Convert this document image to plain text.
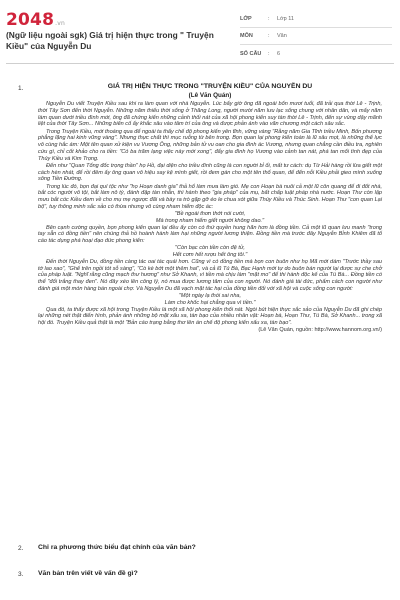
2048.vn
(Ngữ liệu ngoài sgk) Giá trị hiện thực trong " Truyện Kiều" của Nguyễn Du
LỚP	:	Lớp 11
MÔN	:	Văn
SỐ CÂU	:	6
1.	GIÁ TRỊ HIỆN THỰC TRONG "TRUYỆN KIỀU" CỦA NGUYỄN DU
(Lê Văn Quán)
Nguyễn Du viết Truyện Kiều sau khi ra làm quan với nhà Nguyễn. Lúc bấy giờ ông đã ngoài bốn mươi tuổi, đã trải qua thời Lê - Trịnh, thời Tây Sơn đến thời Nguyễn. Những năm thiếu thời sống ở Thăng Long, người mười năm lưu lạc sống chung với nhân dân, và mấy năm làm quan dưới triều đình mới, ông đã chứng kiến những cảnh thối nát của xã hội phong kiến suy tàn thời Lê - Trịnh, đến sự vùng dậy mãnh liệt của thời Tây Sơn... Những biến cố ấy khắc sâu vào tâm trí của ông và được phản ánh vào văn chương một cách sâu sắc.
Trong Truyện Kiều, mới thoáng qua để ngoài ta thấy chế độ phong kiến yên tĩnh, vững vàng "Rằng năm Gia Tĩnh triều Minh, Bốn phương phẳng lặng hai kinh vững vàng". Nhưng thực chất thì mục ruỗng từ bên trong. Bọn quan lại phong kiến toàn là lũ sâu mọt, là những thế lực vô cùng hắc ám: Một tên quan xử kiện vu Vương Ông, những bản tử vu oan cho gia đình ác Vương, nhưng quan chẳng cần điều tra, nghiên cứu gì, chỉ cốt khảo cho ra tiền: "Có ba trăm lạng việc này mới xong", đẩy gia đình họ Vương vào cảnh tan nát, phá tan mối tình đẹp của Thúy Kiều và Kim Trọng.
Đến như "Quan Tổng đốc trọng thần" họ Hồ, đại diện cho triều đình cũng là con người bỉ ổi, mất tư cách: dụ Từ Hải hàng rồi lừa giết một cách hèn nhát, để rồi đêm ấy ông quan vô hiệu say kệ mình giết, rồi đem gán cho một tên thổ quan, để đến nỗi Kiều phải gieo mình xuống sông Tiền Đường.
Trong lúc đó, bọn đại quí tộc như "họ Hoạn danh gia" thả hổ làm mưa làm gió. Mẹ con Hoạn bà nuôi cả một lũ côn quang để đi đốt nhà, bắt cóc người vô tội, bắt làm nô tỳ, đánh đập tàn nhẫn, thì hành theo "gia pháp" của mụ, bất chấp luật pháp nhà nước. Hoạn Thư còn lập mưu bắt cóc Kiều đem về cho mụ mẹ ngược đãi và bày ra trò gặp gỡ éo le chua xót giữa Thúy Kiều và Thúc Sinh. Hoạn Thư "con quan Lại bộ", tuy thông minh sắc sảo có thừa nhưng vô cùng nham hiểm độc ác:
"Bề ngoài thơn thớt nói cười,
Mà trong nham hiểm giết người không dao."
Bên cạnh cường quyền, bọn phong kiến quan lại đều ấy còn có thứ quyền hung hãn hơn là đồng tiền. Cả một lũ quan lưu manh "trong tay sẵn có đồng tiền" nên chúng thả hồ hoành hành làm hại những người lương thiện. Đồng tiền mà trước đây Nguyễn Bỉnh Khiêm đã tố cáo tác dụng phá hoại đạo đức phong kiến:
"Còn bạc còn tiền còn đệ tử,
Hết cơm hết rượu hết ông tôi."
Đến thời Nguyễn Du, đồng tiền càng tác oai tác quái hơn. Cũng vì có đồng tiền mà bọn con buôn như họ Mã mới dám "Trước thầy sau tớ lao xao", "Ghế trên ngồi tót sỗ sàng", "Cò kè bớt một thêm hai", và cả lũ Tú Bà, Bạc Hạnh mới tự do buôn bán người lại được sự che chở của pháp luật. "Nghĩ rằng cũng mạch thư hương" như Sở Khanh, vì tiền mà chịu làm "mặt mo" để thi hành độc kế của Tú Bà... Đồng tiền có thể "đổi trắng thay đen". Nó đây xéo lên công lý, nó mua được lương tâm của con người. Nó đánh giá tài đức, phẩm cách con người như đánh giá một món hàng bán ngoài chợ. Và Nguyễn Du đã vạch mặt tác hại của đồng tiền đối với xã hội và cuộc sống con người:
"Một ngày lạ thói sai nha,
Làm cho khốc hại chẳng qua vì tiền."
Qua đó, ta thấy được xã hội trong Truyện Kiều là một xã hội phong kiến thối nát. Ngòi bút hiện thực sắc sảo của Nguyễn Du đã ghi chép lại những nét thật điển hình, phản ánh những bộ mặt xấu xa, tàn bạo của nhiều nhân vật: Hoạn bà, Hoạn Thư, Tú Bà, Sở Khanh... trong xã hội đó. Truyện Kiều quả thật là một "Bản cáo trạng bằng thơ lên án chế độ phong kiến xấu xa, tàn bạo".
(Lê Văn Quán, nguồn: http://www.hannom.org.vn/)
2. Chỉ ra phương thức biểu đạt chính của văn bản?
3. Văn bản trên viết về vấn đề gì?
